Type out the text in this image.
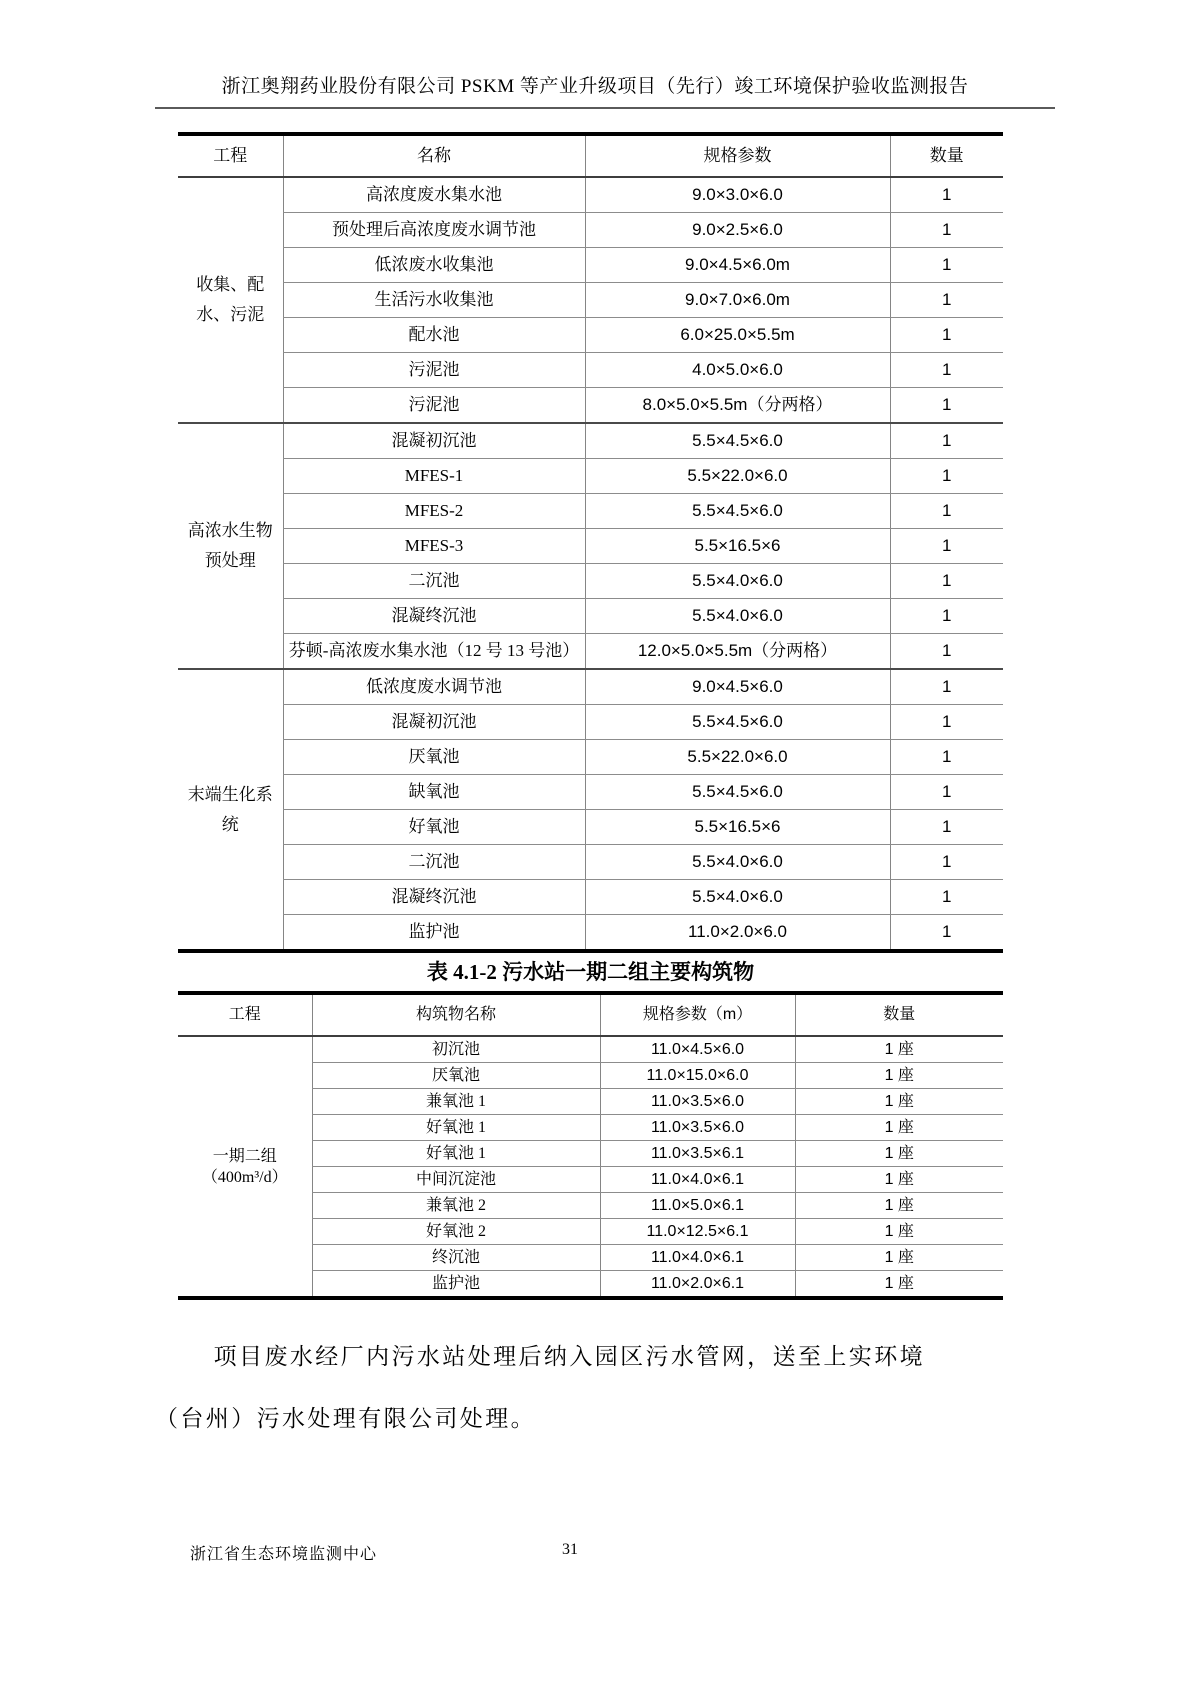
浙江奥翔药业股份有限公司 PSKM 等产业升级项目（先行）竣工环境保护验收监测报告
工程	名称	规格参数	数量
收集、配水、污泥	高浓度废水集水池	9.0×3.0×6.0	1
	预处理后高浓度废水调节池	9.0×2.5×6.0	1
	低浓废水收集池	9.0×4.5×6.0m	1
	生活污水收集池	9.0×7.0×6.0m	1
	配水池	6.0×25.0×5.5m	1
	污泥池	4.0×5.0×6.0	1
	污泥池	8.0×5.0×5.5m（分两格）	1
高浓水生物预处理	混凝初沉池	5.5×4.5×6.0	1
	MFES-1	5.5×22.0×6.0	1
	MFES-2	5.5×4.5×6.0	1
	MFES-3	5.5×16.5×6	1
	二沉池	5.5×4.0×6.0	1
	混凝终沉池	5.5×4.0×6.0	1
	芬顿-高浓废水集水池（12 号 13 号池）	12.0×5.0×5.5m（分两格）	1
末端生化系统	低浓度废水调节池	9.0×4.5×6.0	1
	混凝初沉池	5.5×4.5×6.0	1
	厌氧池	5.5×22.0×6.0	1
	缺氧池	5.5×4.5×6.0	1
	好氧池	5.5×16.5×6	1
	二沉池	5.5×4.0×6.0	1
	混凝终沉池	5.5×4.0×6.0	1
	监护池	11.0×2.0×6.0	1
表 4.1-2 污水站一期二组主要构筑物
工程	构筑物名称	规格参数（m）	数量
一期二组（400m³/d）	初沉池	11.0×4.5×6.0	1 座
	厌氧池	11.0×15.0×6.0	1 座
	兼氧池 1	11.0×3.5×6.0	1 座
	好氧池 1	11.0×3.5×6.0	1 座
	好氧池 1	11.0×3.5×6.1	1 座
	中间沉淀池	11.0×4.0×6.1	1 座
	兼氧池 2	11.0×5.0×6.1	1 座
	好氧池 2	11.0×12.5×6.1	1 座
	终沉池	11.0×4.0×6.1	1 座
	监护池	11.0×2.0×6.1	1 座
项目废水经厂内污水站处理后纳入园区污水管网，送至上实环境（台州）污水处理有限公司处理。
浙江省生态环境监测中心	31
